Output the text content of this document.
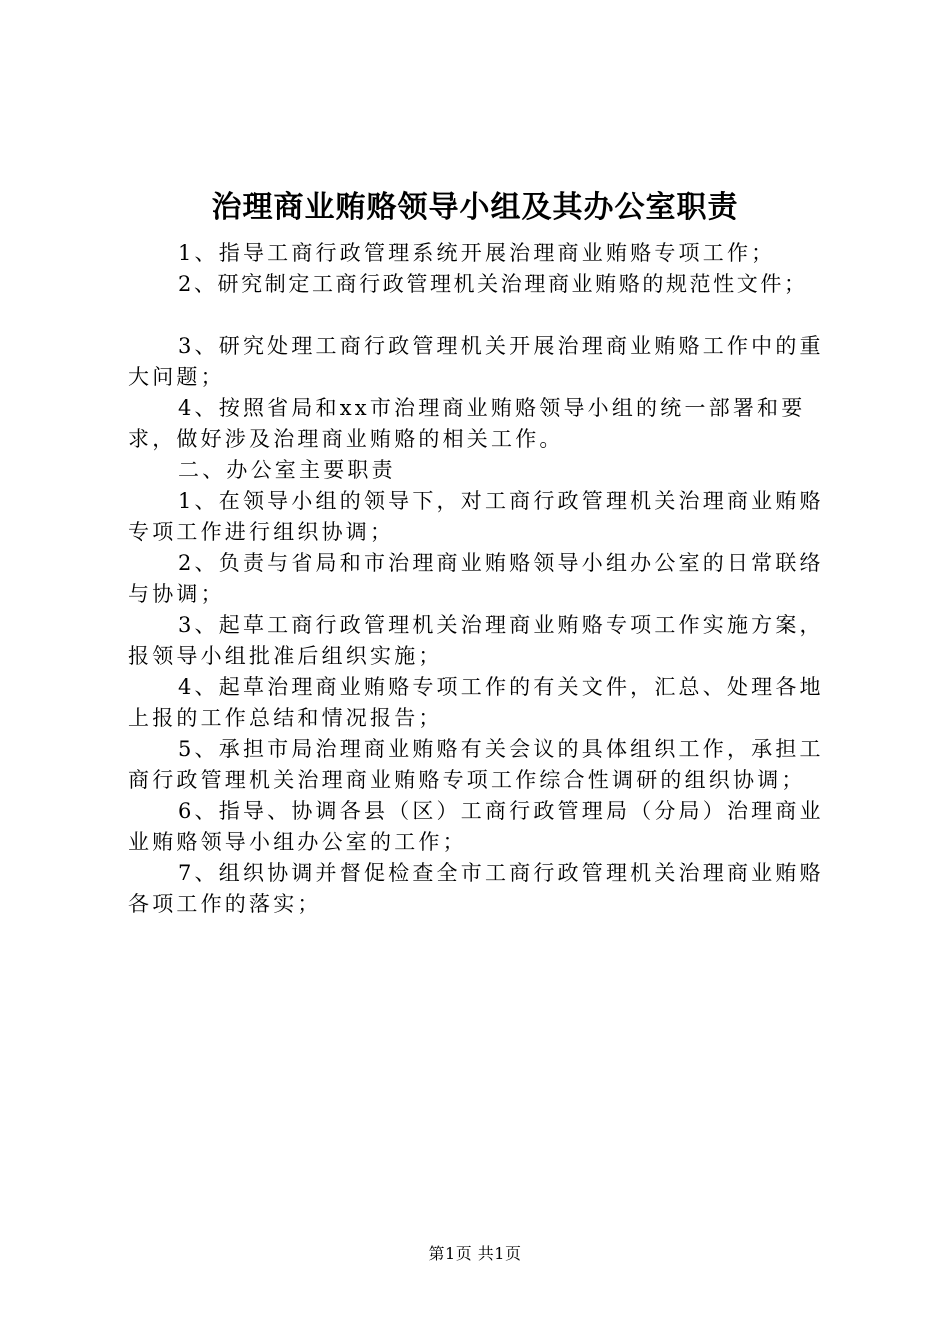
治理商业贿赂领导小组及其办公室职责

1、指导工商行政管理系统开展治理商业贿赂专项工作；

2、研究制定工商行政管理机关治理商业贿赂的规范性文件；

3、研究处理工商行政管理机关开展治理商业贿赂工作中的重大问题；

4、按照省局和xx市治理商业贿赂领导小组的统一部署和要求，做好涉及治理商业贿赂的相关工作。

二、办公室主要职责

1、在领导小组的领导下，对工商行政管理机关治理商业贿赂专项工作进行组织协调；

2、负责与省局和市治理商业贿赂领导小组办公室的日常联络与协调；

3、起草工商行政管理机关治理商业贿赂专项工作实施方案，报领导小组批准后组织实施；

4、起草治理商业贿赂专项工作的有关文件，汇总、处理各地上报的工作总结和情况报告；

5、承担市局治理商业贿赂有关会议的具体组织工作，承担工商行政管理机关治理商业贿赂专项工作综合性调研的组织协调；

6、指导、协调各县（区）工商行政管理局（分局）治理商业业贿赂领导小组办公室的工作；

7、组织协调并督促检查全市工商行政管理机关治理商业贿赂各项工作的落实；

第1页 共1页
